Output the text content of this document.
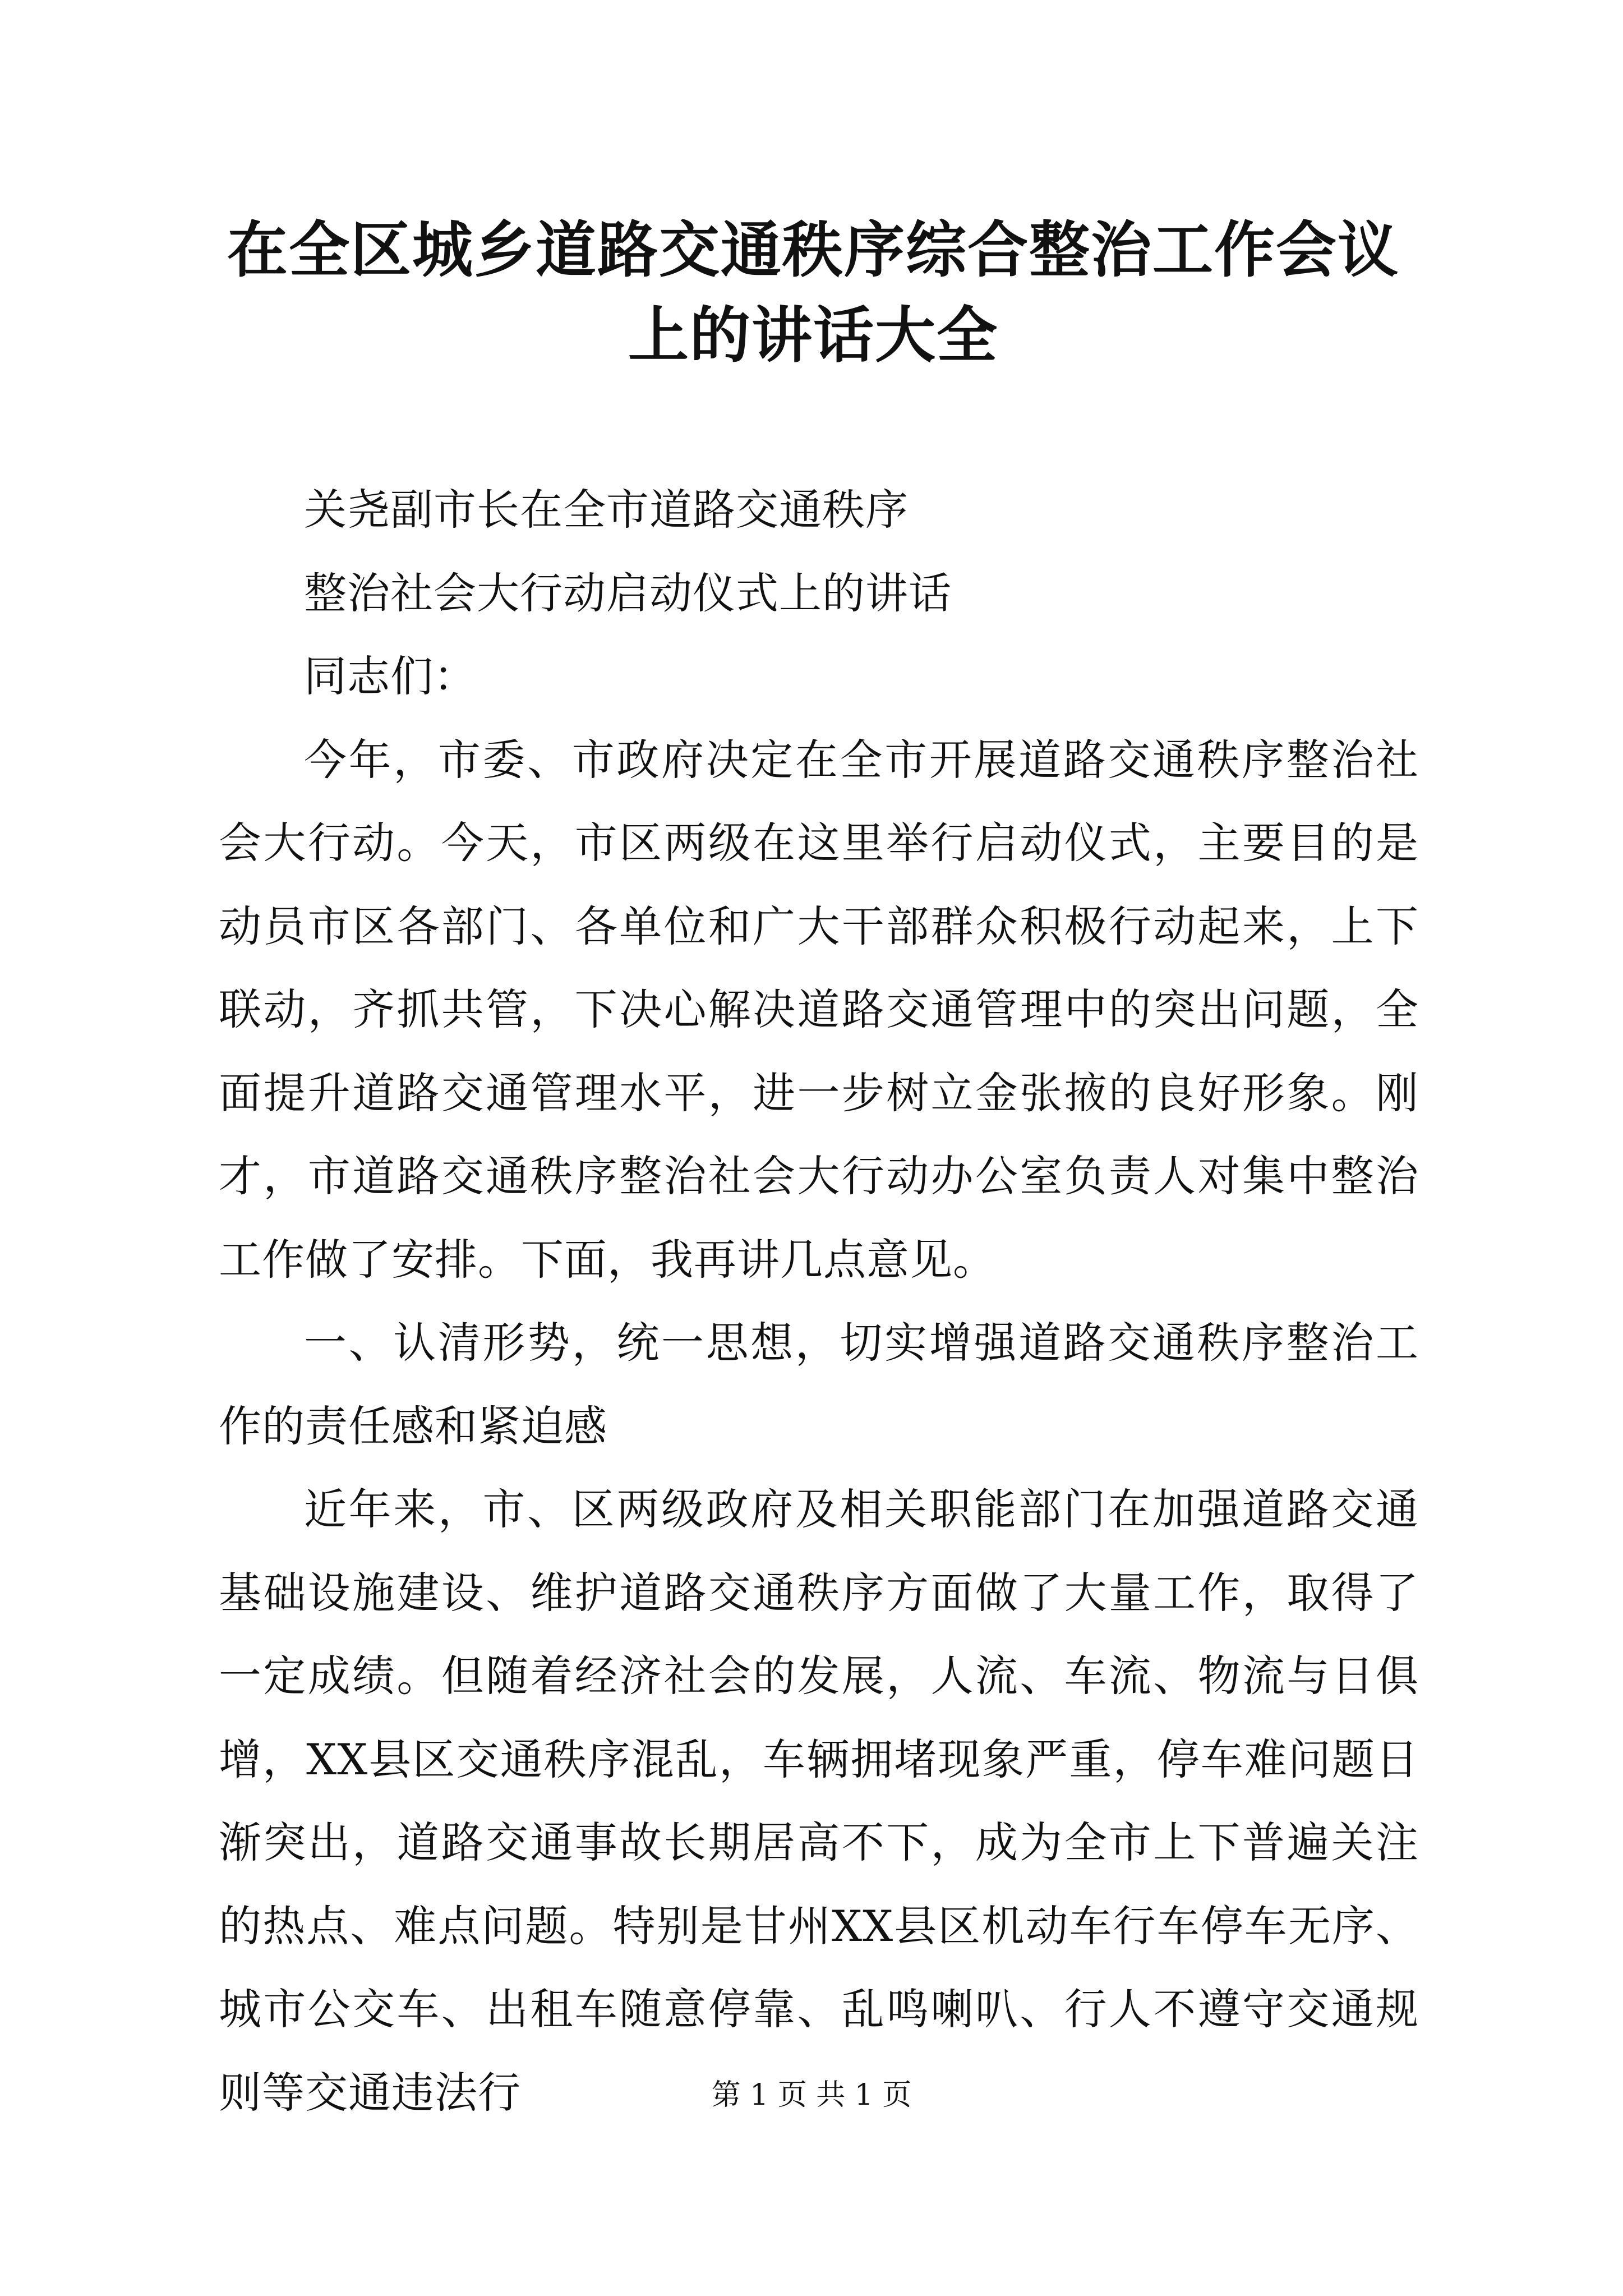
在全区城乡道路交通秩序综合整治工作会议上的讲话大全

关尧副市长在全市道路交通秩序

整治社会大行动启动仪式上的讲话

同志们：

今年，市委、市政府决定在全市开展道路交通秩序整治社会大行动。今天，市区两级在这里举行启动仪式，主要目的是动员市区各部门、各单位和广大干部群众积极行动起来，上下联动，齐抓共管，下决心解决道路交通管理中的突出问题，全面提升道路交通管理水平，进一步树立金张掖的良好形象。刚才，市道路交通秩序整治社会大行动办公室负责人对集中整治工作做了安排。下面，我再讲几点意见。

一、认清形势，统一思想，切实增强道路交通秩序整治工作的责任感和紧迫感

近年来，市、区两级政府及相关职能部门在加强道路交通基础设施建设、维护道路交通秩序方面做了大量工作，取得了一定成绩。但随着经济社会的发展，人流、车流、物流与日俱增，XX县区交通秩序混乱，车辆拥堵现象严重，停车难问题日渐突出，道路交通事故长期居高不下，成为全市上下普遍关注的热点、难点问题。特别是甘州XX县区机动车行车停车无序、城市公交车、出租车随意停靠、乱鸣喇叭、行人不遵守交通规则等交通违法行	第 1 页 共 1 页
